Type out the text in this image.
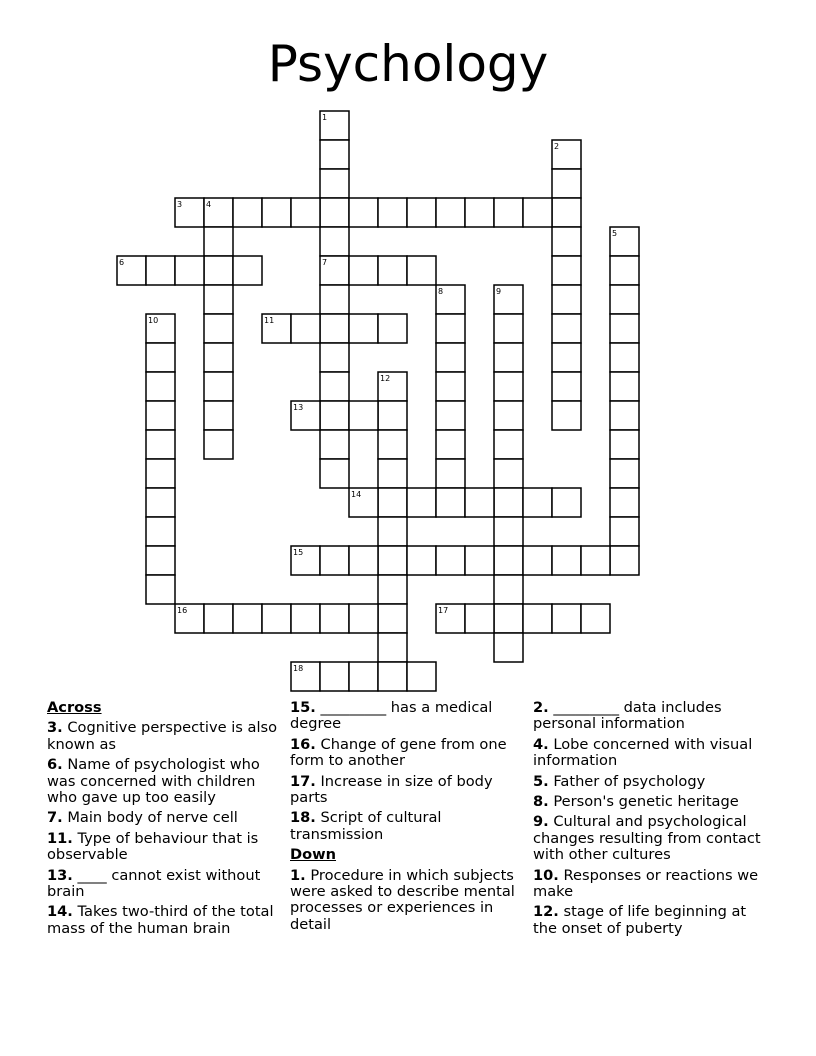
Psychology
1
2
3	4
5
6	7
8	9
10	11
12
13
14
15
16	17
18
Across
3. Cognitive perspective is also known as
6. Name of psychologist who was concerned with children who gave up too easily
7. Main body of nerve cell
11. Type of behaviour that is observable
13. ____ cannot exist without brain
14. Takes two-third of the total mass of the human brain
15. _________ has a medical degree
16. Change of gene from one form to another
17. Increase in size of body parts
18. Script of cultural transmission
Down
1. Procedure in which subjects were asked to describe mental processes or experiences in detail
2. _________ data includes personal information
4. Lobe concerned with visual information
5. Father of psychology
8. Person's genetic heritage
9. Cultural and psychological changes resulting from contact with other cultures
10. Responses or reactions we make
12. stage of life beginning at the onset of puberty
